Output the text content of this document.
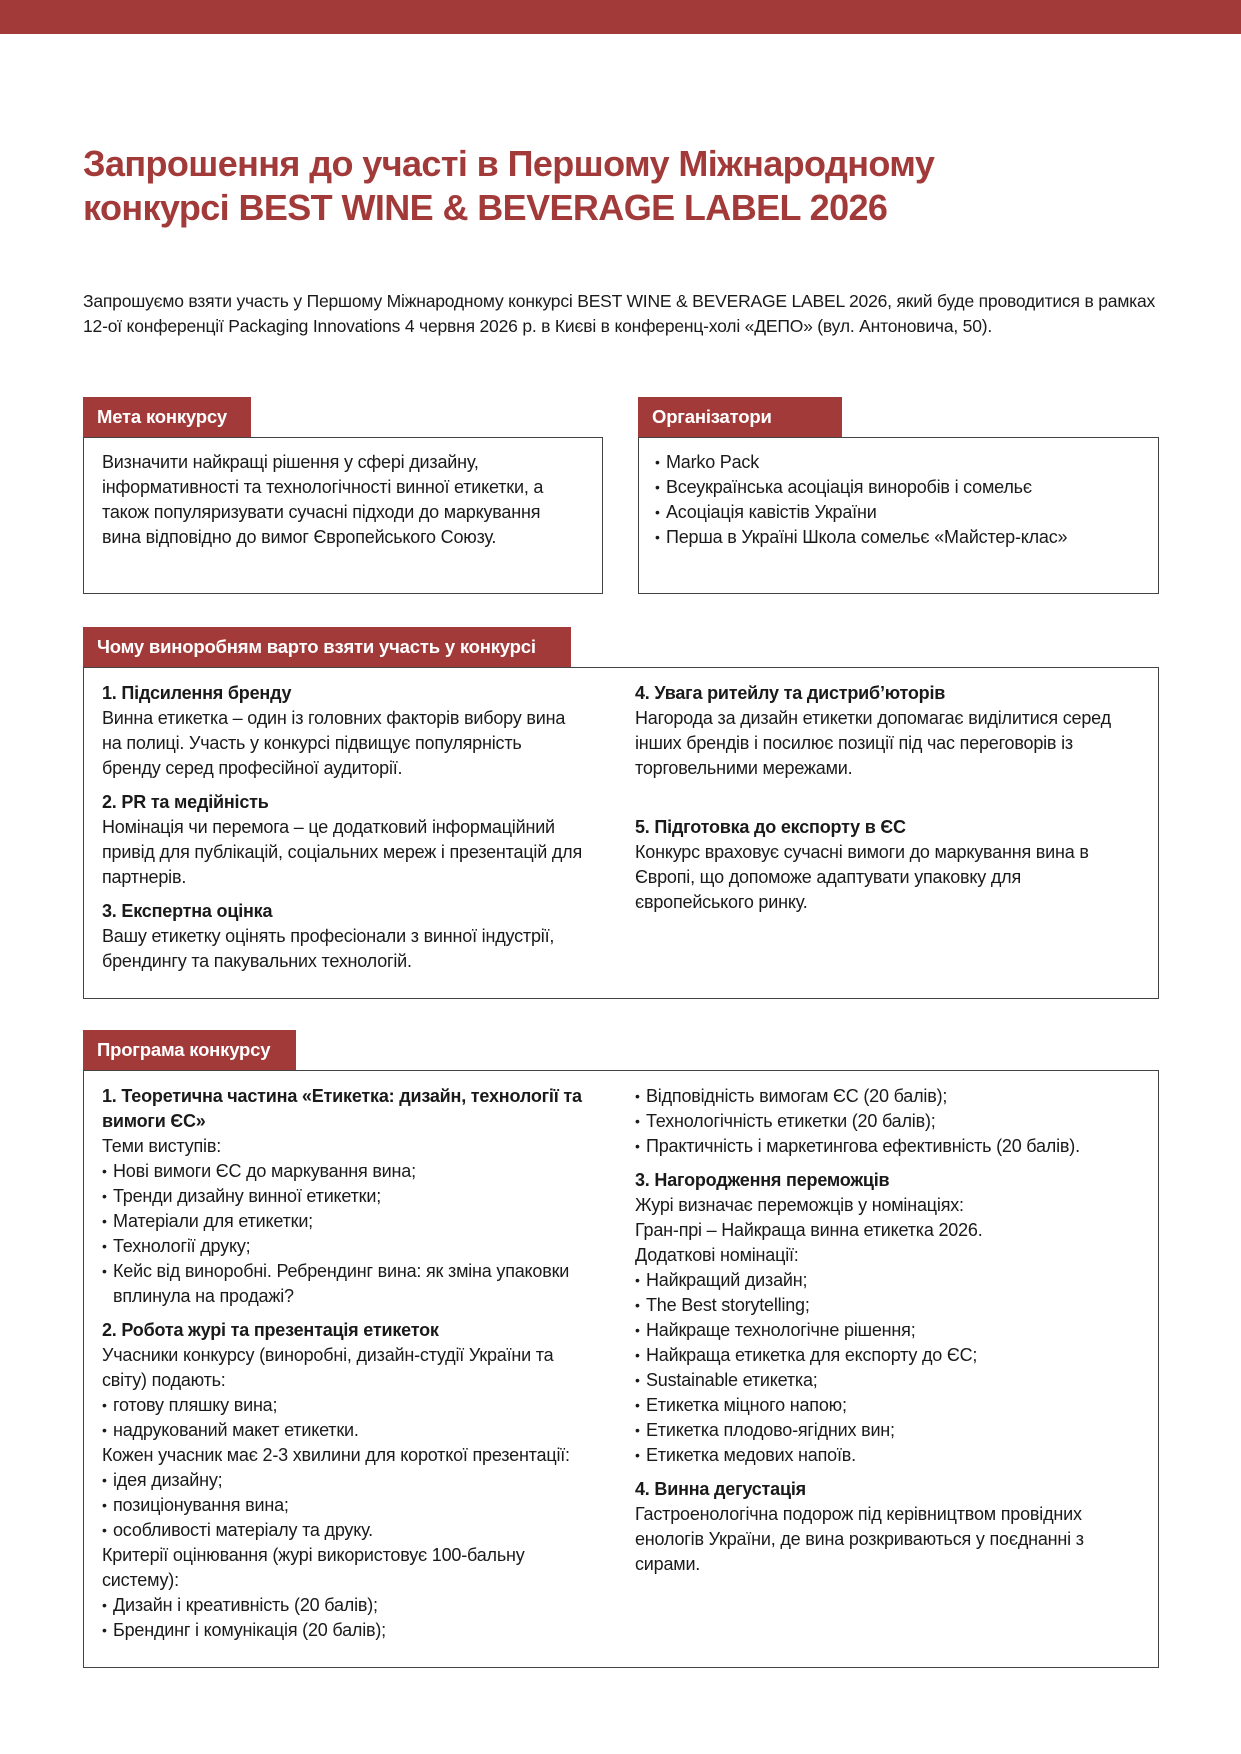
Запрошення до участі в Першому Міжнародному
конкурсі BEST WINE & BEVERAGE LABEL 2026

Запрошуємо взяти участь у Першому Міжнародному конкурсі BEST WINE & BEVERAGE LABEL 2026, який буде проводитися в рамках 12-ої конференції Packaging Innovations 4 червня 2026 р. в Києві в конференц-холі «ДЕПО» (вул. Антоновича, 50).

Мета конкурсу

Визначити найкращі рішення у сфері дизайну, інформативності та технологічності винної етикетки, а також популяризувати сучасні підходи до маркування вина відповідно до вимог Європейського Союзу.

Організатори
• Marko Pack
• Всеукраїнська асоціація виноробів і сомельє
• Асоціація кавістів України
• Перша в Україні Школа сомельє «Майстер-клас»
Чому виноробням варто взяти участь у конкурсі

1. Підсилення бренду

Винна етикетка – один із головних факторів вибору вина на полиці. Участь у конкурсі підвищує популярність бренду серед професійної аудиторії.

2. PR та медійність

Номінація чи перемога – це додатковий інформаційний привід для публікацій, соціальних мереж і презентацій для партнерів.

3. Експертна оцінка

Вашу етикетку оцінять професіонали з винної індустрії, брендингу та пакувальних технологій.

4. Увага ритейлу та дистриб’юторів

Нагорода за дизайн етикетки допомагає виділитися серед інших брендів і посилює позиції під час переговорів із торговельними мережами.

5. Підготовка до експорту в ЄС

Конкурс враховує сучасні вимоги до маркування вина в Європі, що допоможе адаптувати упаковку для європейського ринку.

Програма конкурсу

1. Теоретична частина «Етикетка: дизайн, технології та вимоги ЄС»

Теми виступів:

• Нові вимоги ЄС до маркування вина;
• Тренди дизайну винної етикетки;
• Матеріали для етикетки;
• Технології друку;
• Кейс від виноробні. Ребрендинг вина: як зміна упаковки вплинула на продажі?

2. Робота журі та презентація етикеток

Учасники конкурсу (виноробні, дизайн-студії України та світу) подають:

• готову пляшку вина;
• надрукований макет етикетки.

Кожен учасник має 2-3 хвилини для короткої презентації:

• ідея дизайну;
• позиціонування вина;
• особливості матеріалу та друку.

Критерії оцінювання (журі використовує 100-бальну систему):

• Дизайн і креативність (20 балів);
• Брендинг і комунікація (20 балів);
• Відповідність вимогам ЄС (20 балів);
• Технологічність етикетки (20 балів);
• Практичність і маркетингова ефективність (20 балів).

3. Нагородження переможців

Журі визначає переможців у номінаціях:

Гран-прі – Найкраща винна етикетка 2026.

Додаткові номінації:

• Найкращий дизайн;
• The Best storytelling;
• Найкраще технологічне рішення;
• Найкраща етикетка для експорту до ЄС;
• Sustainable етикетка;
• Етикетка міцного напою;
• Етикетка плодово-ягідних вин;
• Етикетка медових напоїв.

4. Винна дегустація

Гастроенологічна подорож під керівництвом провідних енологів України, де вина розкриваються у поєднанні з сирами.
